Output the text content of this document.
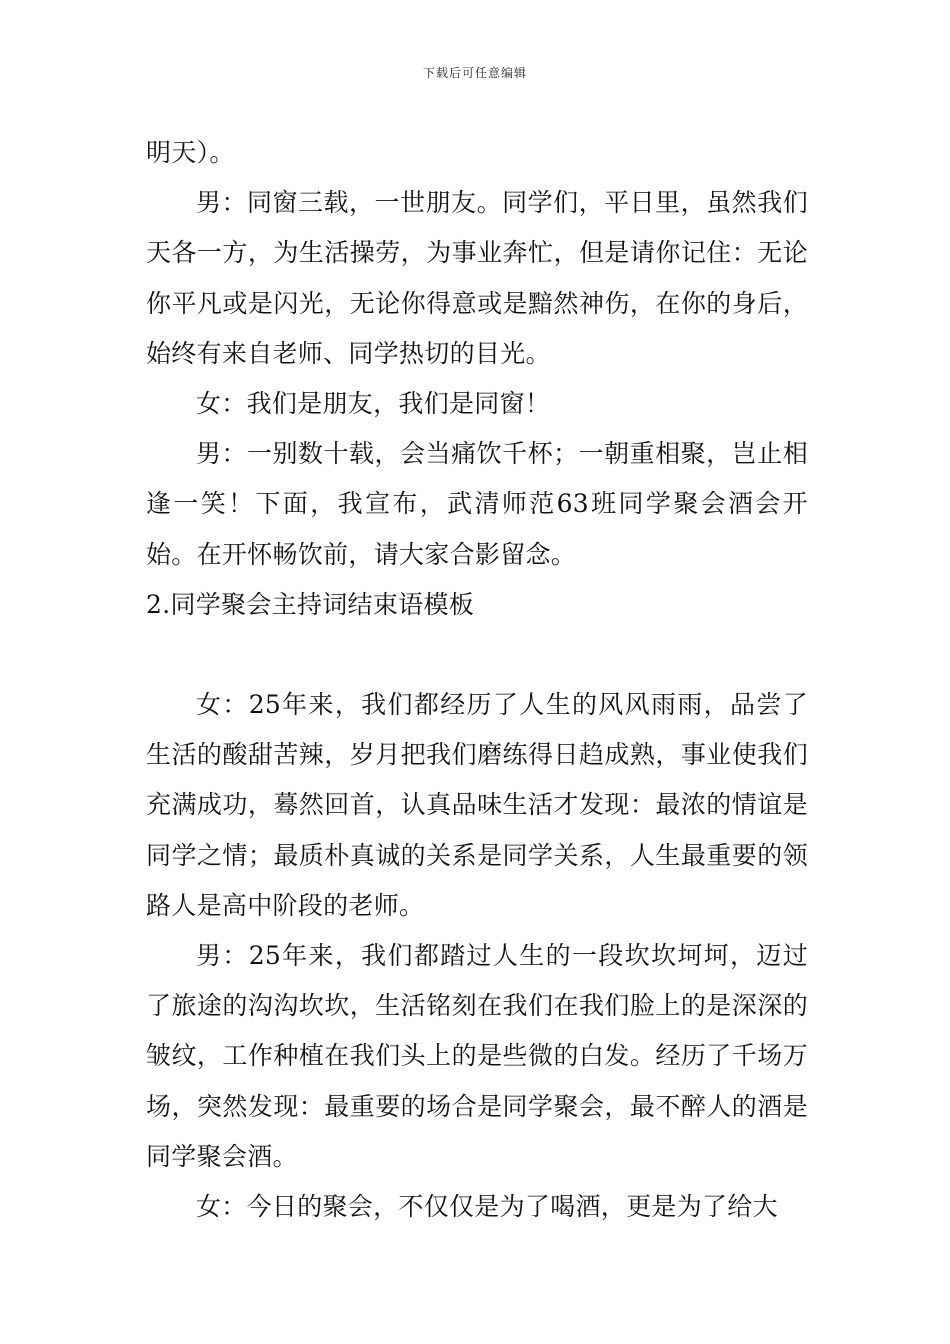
下载后可任意编辑

明天）。

男：同窗三载，一世朋友。同学们，平日里，虽然我们天各一方，为生活操劳，为事业奔忙，但是请你记住：无论你平凡或是闪光，无论你得意或是黯然神伤，在你的身后，始终有来自老师、同学热切的目光。

女：我们是朋友，我们是同窗！

男：一别数十载，会当痛饮千杯；一朝重相聚，岂止相逢一笑！下面，我宣布，武清师范63班同学聚会酒会开始。在开怀畅饮前，请大家合影留念。

2.同学聚会主持词结束语模板

女：25年来，我们都经历了人生的风风雨雨，品尝了生活的酸甜苦辣，岁月把我们磨练得日趋成熟，事业使我们充满成功，蓦然回首，认真品味生活才发现：最浓的情谊是同学之情；最质朴真诚的关系是同学关系，人生最重要的领路人是高中阶段的老师。

男：25年来，我们都踏过人生的一段坎坎坷坷，迈过了旅途的沟沟坎坎，生活铭刻在我们在我们脸上的是深深的皱纹，工作种植在我们头上的是些微的白发。经历了千场万场，突然发现：最重要的场合是同学聚会，最不醉人的酒是同学聚会酒。

女：今日的聚会，不仅仅是为了喝酒，更是为了给大
